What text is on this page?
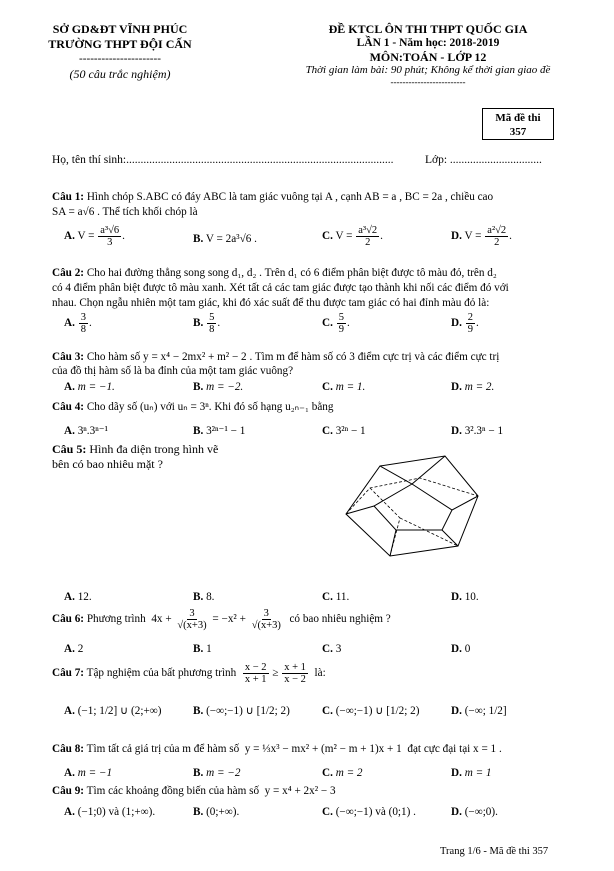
SỞ GD&ĐT VĨNH PHÚC
TRƯỜNG THPT ĐỘI CẤN
----------------------
(50 câu trắc nghiệm)
ĐỀ KTCL ÔN THI THPT QUỐC GIA
LẦN 1 - Năm học: 2018-2019
MÔN:TOÁN - LỚP 12
Thời gian làm bài: 90 phút; Không kể thời gian giao đề
-------------------------
Mã đề thi
357
Họ, tên thí sinh:.............................................................................................	Lớp: ................................
Câu 1: Hình chóp S.ABC có đáy ABC là tam giác vuông tại A , cạnh AB = a , BC = 2a , chiều cao
SA = a√6 . Thể tích khối chóp là
A. $V = \frac{\text{a³√6}}{3}$ .	B. V = 2a³√6 .	C. $V = \frac{\text{a³√2}}{2}$ .	D. $V = \frac{\text{a²√2}}{2}$ .
Câu 2: Cho hai đường thẳng song song d₁, d₂ . Trên d₁ có 6 điểm phân biệt được tô màu đỏ, trên d₂
có 4 điểm phân biệt được tô màu xanh. Xét tất cả các tam giác được tạo thành khi nối các điểm đó với
nhau. Chọn ngẫu nhiên một tam giác, khi đó xác suất để thu được tam giác có hai đỉnh màu đỏ là:
A. $\frac{3}{8}$ .	B. $\frac{5}{8}$ .	C. $\frac{5}{9}$ .	D. $\frac{2}{9}$ .
Câu 3: Cho hàm số y = x⁴ − 2mx² + m² − 2 . Tìm m để hàm số có 3 điểm cực trị và các điểm cực trị
của đồ thị hàm số là ba đỉnh của một tam giác vuông?
A. m = −1.	B. m = −2.	C. m = 1.	D. m = 2.
Câu 4: Cho dãy số (uₙ) với uₙ = 3ⁿ. Khi đó số hạng u₂ₙ₋₁ bằng
A. 3ⁿ.3ⁿ⁻¹	B. 3²ⁿ⁻¹ − 1	C. 3²ⁿ − 1	D. 3².3ⁿ − 1
Câu 5: Hình đa diện trong hình vẽ
bên có bao nhiêu mặt ?
A. 12.	B. 8.	C. 11.	D. 10.
Câu 6: Phương trình $4x + \frac{3}{√(x+3)} = -x^2 + \frac{3}{√(x+3)}$ có bao nhiêu nghiệm ?
A. 2	B. 1	C. 3	D. 0
Câu 7: Tập nghiệm của bất phương trình $\frac{x - 2}{x + 1} \ge \frac{x + 1}{x - 2}$ là:
A. (−1; 1/2] ∪ (2;+∞)	B. (−∞;−1) ∪ [1/2; 2)	C. (−∞;−1) ∪ [1/2; 2)	D. (−∞; 1/2]
Câu 8: Tìm tất cả giá trị của m để hàm số y = ⅓x³ − mx² + (m² − m + 1)x + 1 đạt cực đại tại x = 1 .
A. m = −1	B. m = −2	C. m = 2	D. m = 1
Câu 9: Tìm các khoảng đồng biến của hàm số y = x⁴ + 2x² − 3
A. (−1;0) và (1;+∞).	B. (0;+∞).	C. (−∞;−1) và (0;1) .	D. (−∞;0).
Trang 1/6 - Mã đề thi 357
